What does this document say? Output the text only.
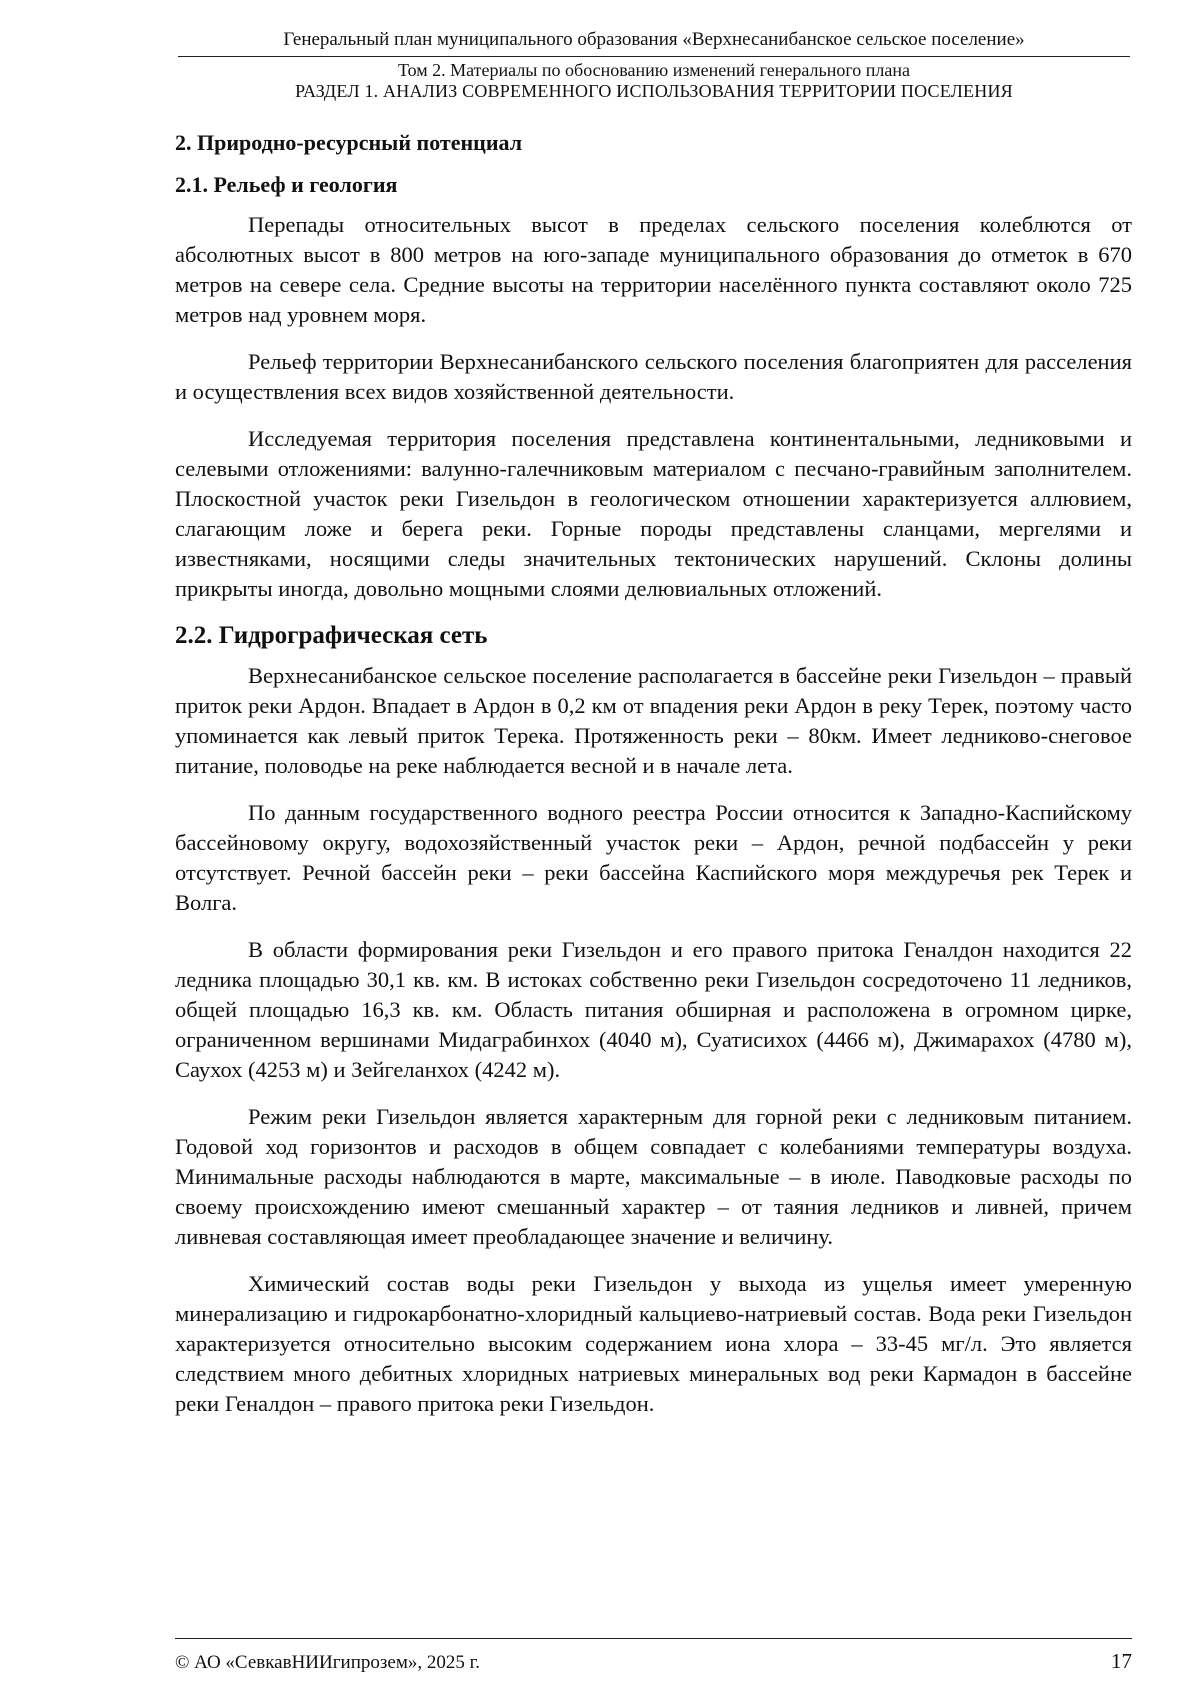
Генеральный план муниципального образования «Верхнесанибанское сельское поселение»
Том 2. Материалы по обоснованию изменений генерального плана
РАЗДЕЛ 1. АНАЛИЗ СОВРЕМЕННОГО ИСПОЛЬЗОВАНИЯ ТЕРРИТОРИИ ПОСЕЛЕНИЯ
2. Природно-ресурсный потенциал
2.1. Рельеф и геология

Перепады относительных высот в пределах сельского поселения колеблются от абсолютных высот в 800 метров на юго-западе муниципального образования до отметок в 670 метров на севере села. Средние высоты на территории населённого пункта составляют около 725 метров над уровнем моря.

Рельеф территории Верхнесанибанского сельского поселения благоприятен для расселения и осуществления всех видов хозяйственной деятельности.

Исследуемая территория поселения представлена континентальными, ледниковыми и селевыми отложениями: валунно-галечниковым материалом с песчано-гравийным заполнителем. Плоскостной участок реки Гизельдон в геологическом отношении характеризуется аллювием, слагающим ложе и берега реки. Горные породы представлены сланцами, мергелями и известняками, носящими следы значительных тектонических нарушений. Склоны долины прикрыты иногда, довольно мощными слоями делювиальных отложений.

2.2. Гидрографическая сеть

Верхнесанибанское сельское поселение располагается в бассейне реки Гизельдон – правый приток реки Ардон. Впадает в Ардон в 0,2 км от впадения реки Ардон в реку Терек, поэтому часто упоминается как левый приток Терека. Протяженность реки – 80км. Имеет ледниково-снеговое питание, половодье на реке наблюдается весной и в начале лета.

По данным государственного водного реестра России относится к Западно-Каспийскому бассейновому округу, водохозяйственный участок реки – Ардон, речной подбассейн у реки отсутствует. Речной бассейн реки – реки бассейна Каспийского моря междуречья рек Терек и Волга.

В области формирования реки Гизельдон и его правого притока Геналдон находится 22 ледника площадью 30,1 кв. км. В истоках собственно реки Гизельдон сосредоточено 11 ледников, общей площадью 16,3 кв. км. Область питания обширная и расположена в огромном цирке, ограниченном вершинами Мидаграбинхох (4040 м), Суатисихох (4466 м), Джимарахох (4780 м), Саухох (4253 м) и Зейгеланхох (4242 м).

Режим реки Гизельдон является характерным для горной реки с ледниковым питанием. Годовой ход горизонтов и расходов в общем совпадает с колебаниями температуры воздуха. Минимальные расходы наблюдаются в марте, максимальные – в июле. Паводковые расходы по своему происхождению имеют смешанный характер – от таяния ледников и ливней, причем ливневая составляющая имеет преобладающее значение и величину.

Химический состав воды реки Гизельдон у выхода из ущелья имеет умеренную минерализацию и гидрокарбонатно-хлоридный кальциево-натриевый состав. Вода реки Гизельдон характеризуется относительно высоким содержанием иона хлора – 33-45 мг/л. Это является следствием много дебитных хлоридных натриевых минеральных вод реки Кармадон в бассейне реки Геналдон – правого притока реки Гизельдон.

© АО «СевкавНИИгипрозем», 2025 г.	17
